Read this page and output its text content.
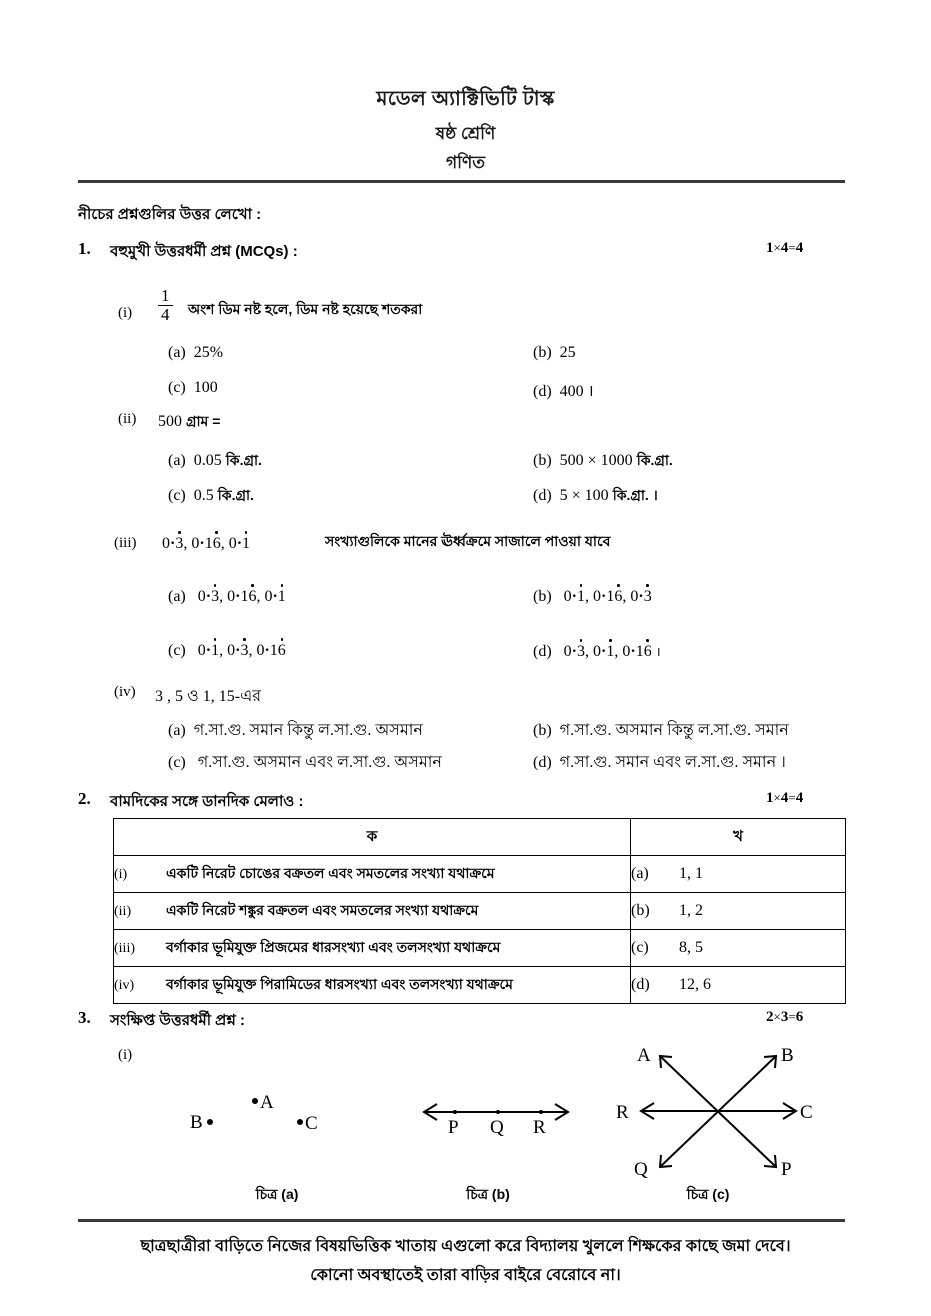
মডেল অ্যাক্টিভিটি টাস্ক
ষষ্ঠ শ্রেণি
গণিত
নীচের প্রশ্নগুলির উত্তর লেখো :
1. বহুমুখী উত্তরধর্মী প্রশ্ন (MCQs) :	1×4=4
$(i) \frac{1}{4}$ অংশ ডিম নষ্ট হলে, ডিম নষ্ট হয়েছে শতকরা
(a) 25%	(b) 25
(c) 100	(d) 400 ।
(ii) 500 গ্রাম =
(a) 0.05 কি.গ্রা.	(b) 500 × 1000 কি.গ্রা.
(c) 0.5 কি.গ্রা.	(d) 5 × 100 কি.গ্রা. ।
(iii) 0·3, 0·16, 0·1	সংখ্যাগুলিকে মানের ঊর্ধ্বক্রমে সাজালে পাওয়া যাবে
(a) 0·3, 0·16, 0·1	(b) 0·1, 0·16, 0·3
(c) 0·1, 0·3, 0·16	(d) 0·3, 0·1, 0·16 ।
(iv) 3 , 5 ও 1, 15-এর
(a) গ.সা.গু. সমান কিন্তু ল.সা.গু. অসমান	(b) গ.সা.গু. অসমান কিন্তু ল.সা.গু. সমান
(c) গ.সা.গু. অসমান এবং ল.সা.গু. অসমান	(d) গ.সা.গু. সমান এবং ল.সা.গু. সমান ।
2. বামদিকের সঙ্গে ডানদিক মেলাও :	1×4=4
ক	খ
(i) একটি নিরেট চোঙের বক্রতল এবং সমতলের সংখ্যা যথাক্রমে	(a) 1, 1
(ii) একটি নিরেট শঙ্কুর বক্রতল এবং সমতলের সংখ্যা যথাক্রমে	(b) 1, 2
(iii) বর্গাকার ভূমিযুক্ত প্রিজমের ধারসংখ্যা এবং তলসংখ্যা যথাক্রমে	(c) 8, 5
(iv) বর্গাকার ভূমিযুক্ত পিরামিডের ধারসংখ্যা এবং তলসংখ্যা যথাক্রমে	(d) 12, 6
3. সংক্ষিপ্ত উত্তরধর্মী প্রশ্ন :	2×3=6
(i)
B
A
C	P Q R
A	B
R	C
Q	P
চিত্র (a)	চিত্র (b)	চিত্র (c)
ছাত্রছাত্রীরা বাড়িতে নিজের বিষয়ভিত্তিক খাতায় এগুলো করে বিদ্যালয় খুললে শিক্ষকের কাছে জমা দেবে।
কোনো অবস্থাতেই তারা বাড়ির বাইরে বেরোবে না।
